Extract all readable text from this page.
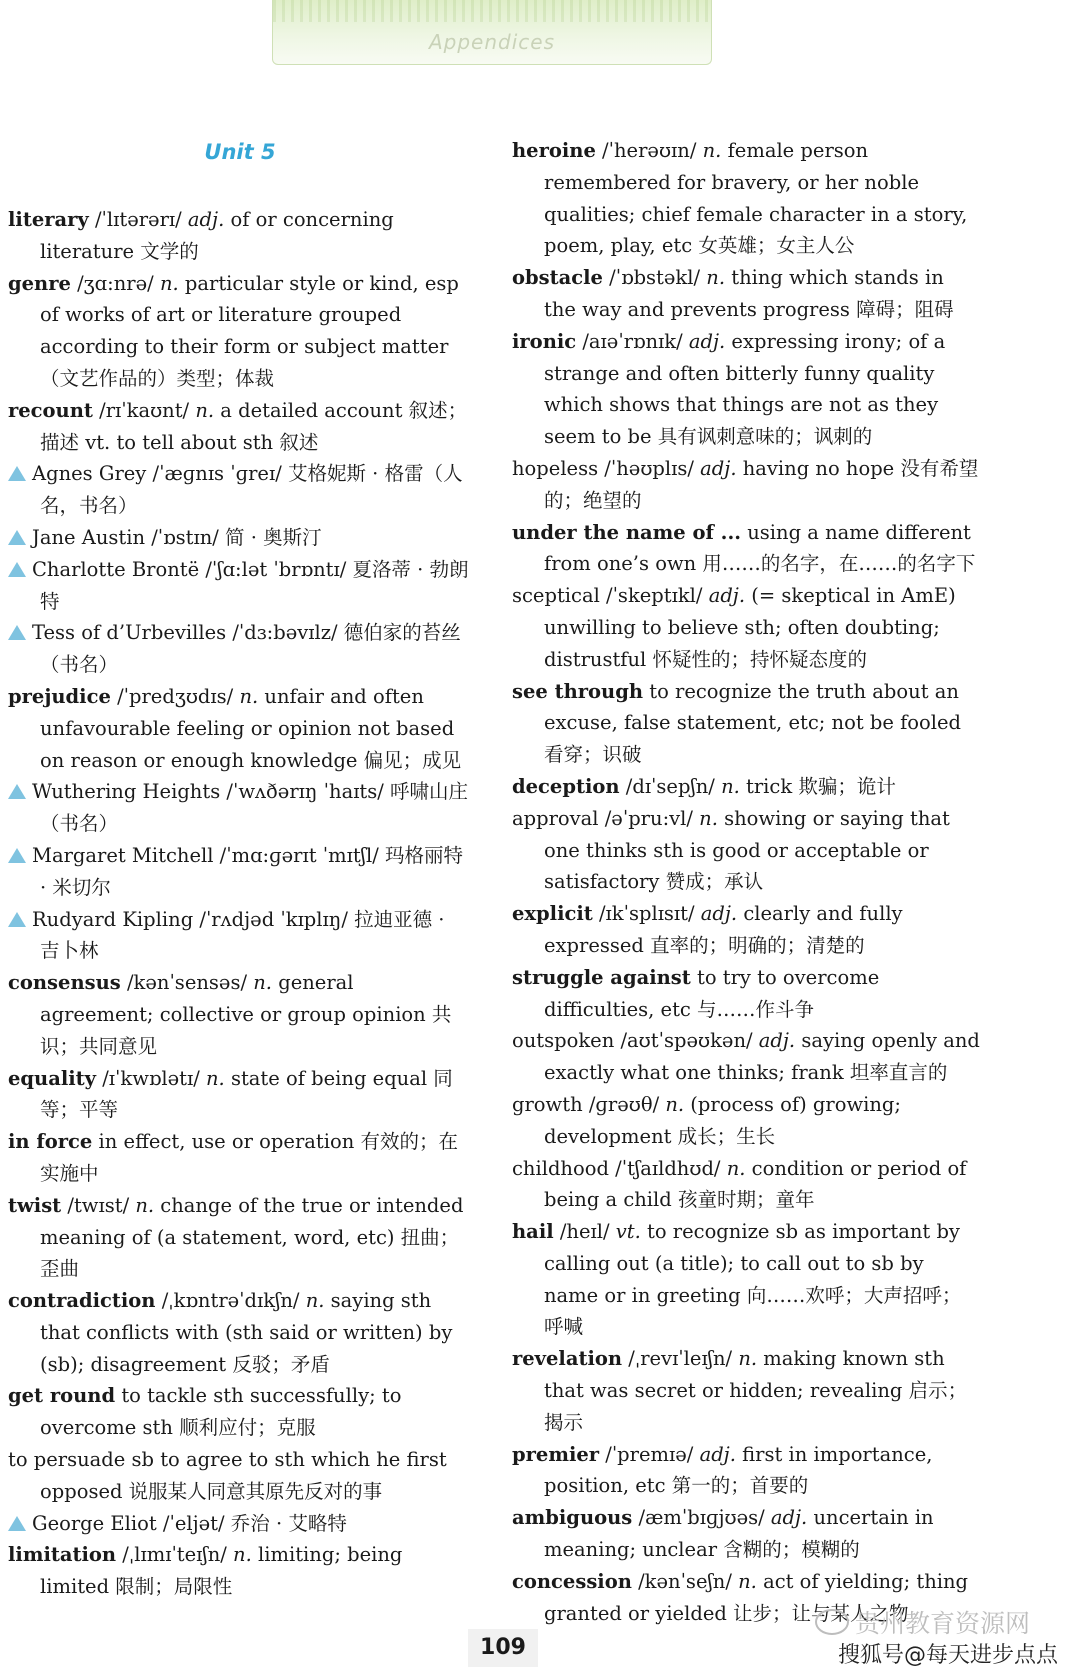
Appendices
Unit 5
literary /ˈlɪtərərɪ/ adj. of or concerning literature 文学的
genre /ʒɑ:nrə/ n. particular style or kind, esp of works of art or literature grouped according to their form or subject matter（文艺作品的）类型；体裁
recount /rɪˈkaʊnt/ n. a detailed account 叙述；描述 vt. to tell about sth 叙述
Agnes Grey /ˈæɡnɪs ˈɡreɪ/ 艾格妮斯 · 格雷（人名，书名）
Jane Austin /ˈɒstɪn/ 简 · 奥斯汀
Charlotte Brontë /ˈʃɑ:lət ˈbrɒntɪ/ 夏洛蒂 · 勃朗特
Tess of d’Urbevilles /ˈdɜ:bəvɪlz/ 德伯家的苔丝（书名）
prejudice /ˈpredʒʊdɪs/ n. unfair and often unfavourable feeling or opinion not based on reason or enough knowledge 偏见；成见
Wuthering Heights /ˈwʌðərɪŋ ˈhaɪts/ 呼啸山庄（书名）
Margaret Mitchell /ˈmɑ:ɡərɪt ˈmɪtʃl/ 玛格丽特 · 米切尔
Rudyard Kipling /ˈrʌdjəd ˈkɪplɪŋ/ 拉迪亚德 · 吉卜林
consensus /kənˈsensəs/ n. general agreement; collective or group opinion 共识；共同意见
equality /ɪˈkwɒlətɪ/ n. state of being equal 同等；平等
in force in effect, use or operation 有效的；在实施中
twist /twɪst/ n. change of the true or intended meaning of (a statement, word, etc) 扭曲；歪曲
contradiction /ˌkɒntrəˈdɪkʃn/ n. saying sth that conflicts with (sth said or written) by (sb); disagreement 反驳；矛盾
get round to tackle sth successfully; to overcome sth 顺利应付；克服
to persuade sb to agree to sth which he first opposed 说服某人同意其原先反对的事
George Eliot /ˈeljət/ 乔治 · 艾略特
limitation /ˌlɪmɪˈteɪʃn/ n. limiting; being limited 限制；局限性
heroine /ˈherəʊɪn/ n. female person remembered for bravery, or her noble qualities; chief female character in a story, poem, play, etc 女英雄；女主人公
obstacle /ˈɒbstəkl/ n. thing which stands in the way and prevents progress 障碍；阻碍
ironic /aɪəˈrɒnɪk/ adj. expressing irony; of a strange and often bitterly funny quality which shows that things are not as they seem to be 具有讽刺意味的；讽刺的
hopeless /ˈhəʊplɪs/ adj. having no hope 没有希望的；绝望的
under the name of ... using a name different from one’s own 用……的名字，在……的名字下
sceptical /ˈskeptɪkl/ adj. (= skeptical in AmE) unwilling to believe sth; often doubting; distrustful 怀疑性的；持怀疑态度的
see through to recognize the truth about an excuse, false statement, etc; not be fooled 看穿；识破
deception /dɪˈsepʃn/ n. trick 欺骗；诡计
approval /əˈpru:vl/ n. showing or saying that one thinks sth is good or acceptable or satisfactory 赞成；承认
explicit /ɪkˈsplɪsɪt/ adj. clearly and fully expressed 直率的；明确的；清楚的
struggle against to try to overcome difficulties, etc 与……作斗争
outspoken /aʊtˈspəʊkən/ adj. saying openly and exactly what one thinks; frank 坦率直言的
growth /ɡrəʊθ/ n. (process of) growing; development 成长；生长
childhood /ˈtʃaɪldhʊd/ n. condition or period of being a child 孩童时期；童年
hail /heɪl/ vt. to recognize sb as important by calling out (a title); to call out to sb by name or in greeting 向……欢呼；大声招呼；呼喊
revelation /ˌrevɪˈleɪʃn/ n. making known sth that was secret or hidden; revealing 启示；揭示
premier /ˈpremɪə/ adj. first in importance, position, etc 第一的；首要的
ambiguous /æmˈbɪɡjʊəs/ adj. uncertain in meaning; unclear 含糊的；模糊的
concession /kənˈseʃn/ n. act of yielding; thing granted or yielded 让步；让与某人之物
109
贵州教育资源网
搜狐号@每天进步点点
